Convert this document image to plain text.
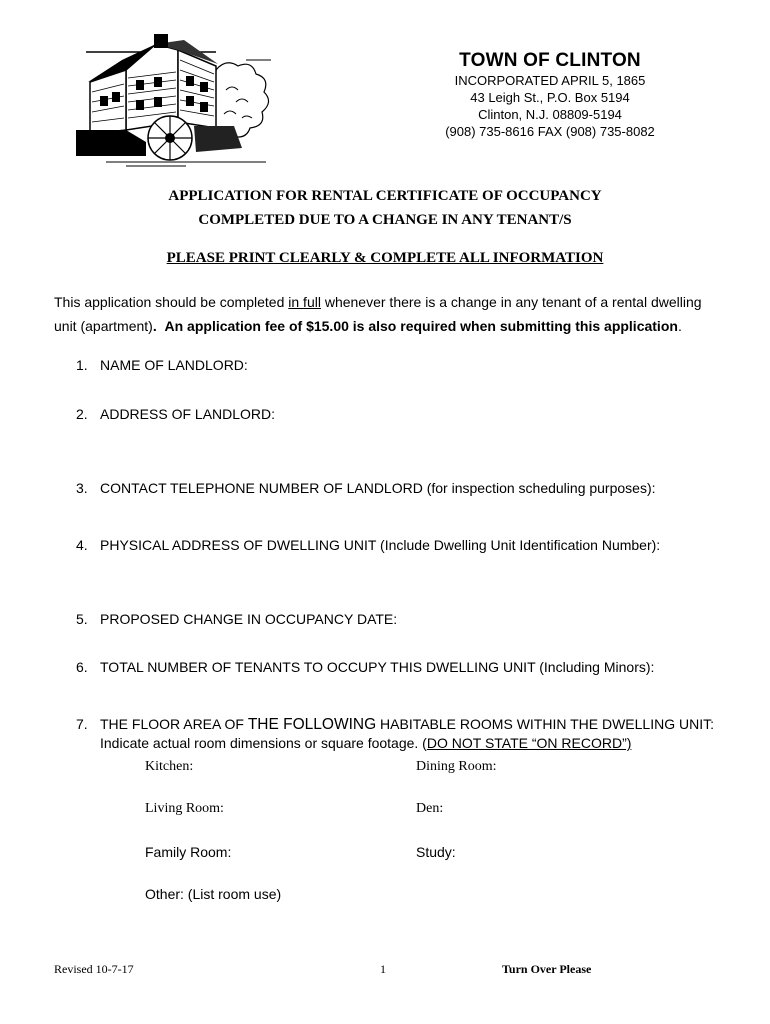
TOWN OF CLINTON
INCORPORATED APRIL 5, 1865
43 Leigh St., P.O. Box 5194
Clinton, N.J. 08809-5194
(908) 735-8616 FAX (908) 735-8082
APPLICATION FOR RENTAL CERTIFICATE OF OCCUPANCY
COMPLETED DUE TO A CHANGE IN ANY TENANT/S
PLEASE PRINT CLEARLY & COMPLETE ALL INFORMATION
This application should be completed in full whenever there is a change in any tenant of a rental dwelling unit (apartment). An application fee of $15.00 is also required when submitting this application.
1. NAME OF LANDLORD:
2. ADDRESS OF LANDLORD:
3. CONTACT TELEPHONE NUMBER OF LANDLORD (for inspection scheduling purposes):
4. PHYSICAL ADDRESS OF DWELLING UNIT (Include Dwelling Unit Identification Number):
5. PROPOSED CHANGE IN OCCUPANCY DATE:
6. TOTAL NUMBER OF TENANTS TO OCCUPY THIS DWELLING UNIT (Including Minors):
7. THE FLOOR AREA OF THE FOLLOWING HABITABLE ROOMS WITHIN THE DWELLING UNIT:
Indicate actual room dimensions or square footage. (DO NOT STATE “ON RECORD”)
Kitchen:	Dining Room:
Living Room:	Den:
Family Room:	Study:
Other: (List room use)
Revised 10-7-17	1	Turn Over Please
